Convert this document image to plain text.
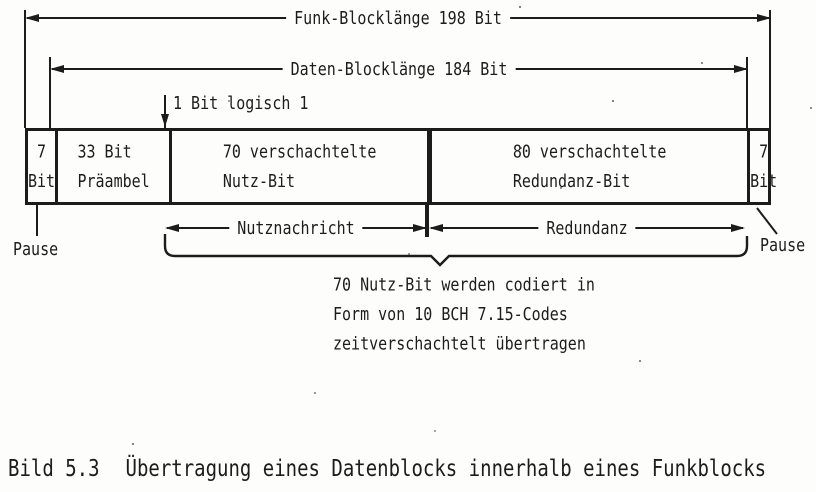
Funk-Blocklänge 198 Bit
Daten-Blocklänge 184 Bit
1 Bit logisch 1
7
Bit
33 Bit
Präambel
70 verschachtelte
Nutz-Bit
80 verschachtelte
Redundanz-Bit
7
Bit
Nutznachricht	Redundanz
Pause	Pause
70 Nutz-Bit werden codiert in
Form von 10 BCH 7.15-Codes
zeitverschachtelt übertragen
Bild 5.3 Übertragung eines Datenblocks innerhalb eines Funkblocks
